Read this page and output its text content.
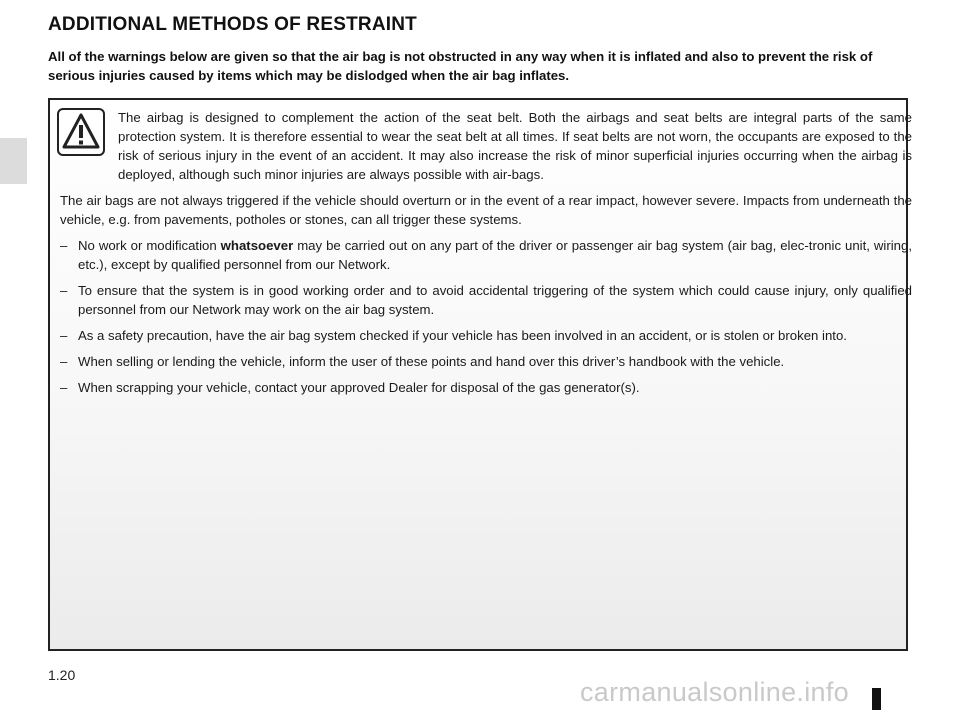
ADDITIONAL METHODS OF RESTRAINT

All of the warnings below are given so that the air bag is not obstructed in any way when it is inflated and also to prevent the risk of serious injuries caused by items which may be dislodged when the air bag inflates.

The airbag is designed to complement the action of the seat belt. Both the airbags and seat belts are integral parts of the same protection system. It is therefore essential to wear the seat belt at all times. If seat belts are not worn, the occupants are exposed to the risk of serious injury in the event of an accident. It may also increase the risk of minor superficial injuries occurring when the airbag is deployed, although such minor injuries are always possible with air-bags.

The air bags are not always triggered if the vehicle should overturn or in the event of a rear impact, however severe. Impacts from underneath the vehicle, e.g. from pavements, potholes or stones, can all trigger these systems.

– No work or modification whatsoever may be carried out on any part of the driver or passenger air bag system (air bag, elec-tronic unit, wiring, etc.), except by qualified personnel from our Network.
– To ensure that the system is in good working order and to avoid accidental triggering of the system which could cause injury, only qualified personnel from our Network may work on the air bag system.
– As a safety precaution, have the air bag system checked if your vehicle has been involved in an accident, or is stolen or broken into.
– When selling or lending the vehicle, inform the user of these points and hand over this driver’s handbook with the vehicle.
– When scrapping your vehicle, contact your approved Dealer for disposal of the gas generator(s).
1.20
carmanualsonline.info
